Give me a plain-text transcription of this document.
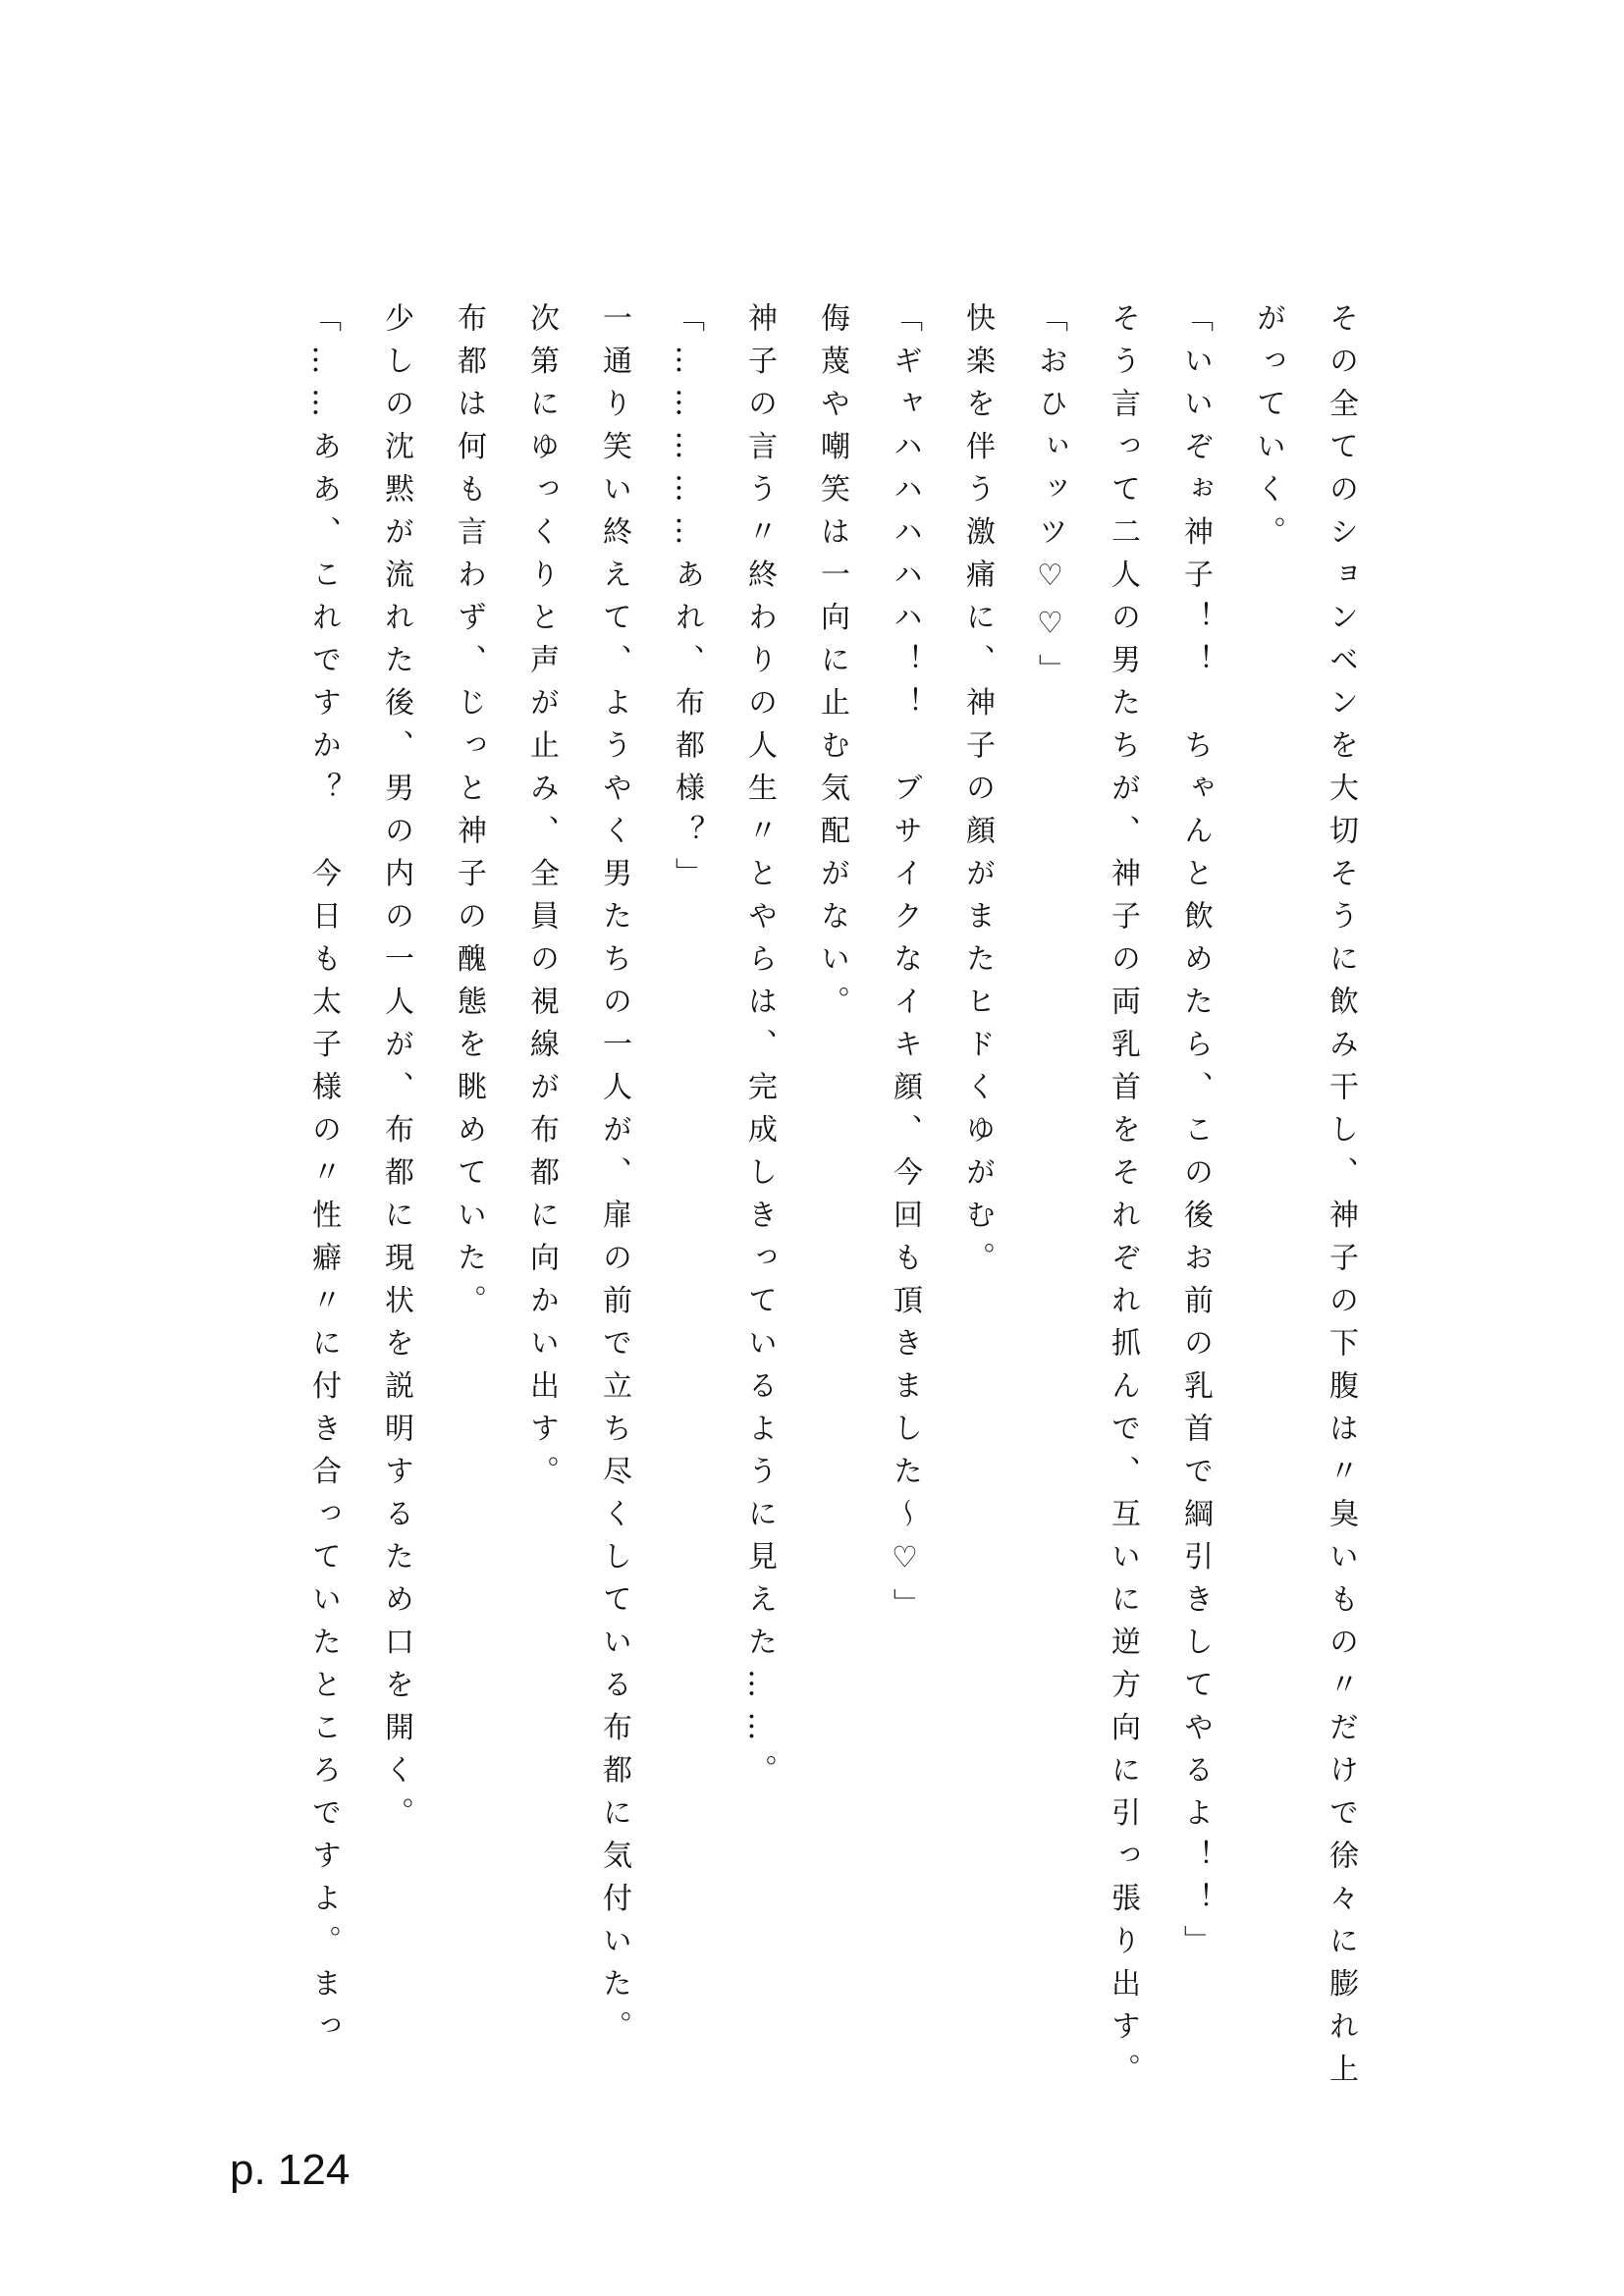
その全てのションベンを大切そうに飲み干し、神子の下腹は〃臭いもの〃だけで徐々に膨れ上がっていく。

「いいぞぉ神子！！　ちゃんと飲めたら、この後お前の乳首で綱引きしてやるよ！！」

そう言って二人の男たちが、神子の両乳首をそれぞれ抓んで、互いに逆方向に引っ張り出す。

「おひぃッツ♡♡」

快楽を伴う激痛に、神子の顔がまたヒドくゆがむ。

「ギャハハハハハ！！　ブサイクなイキ顔、今回も頂きました～♡」

侮蔑や嘲笑は一向に止む気配がない。

神子の言う〃終わりの人生〃とやらは、完成しきっているように見えた……。

「……………あれ、布都様？」

一通り笑い終えて、ようやく男たちの一人が、扉の前で立ち尽くしている布都に気付いた。

次第にゆっくりと声が止み、全員の視線が布都に向かい出す。

布都は何も言わず、じっと神子の醜態を眺めていた。

少しの沈黙が流れた後、男の内の一人が、布都に現状を説明するため口を開く。

「……ああ、これですか？　今日も太子様の〃性癖〃に付き合っていたところですよ。まっ

p. 124
